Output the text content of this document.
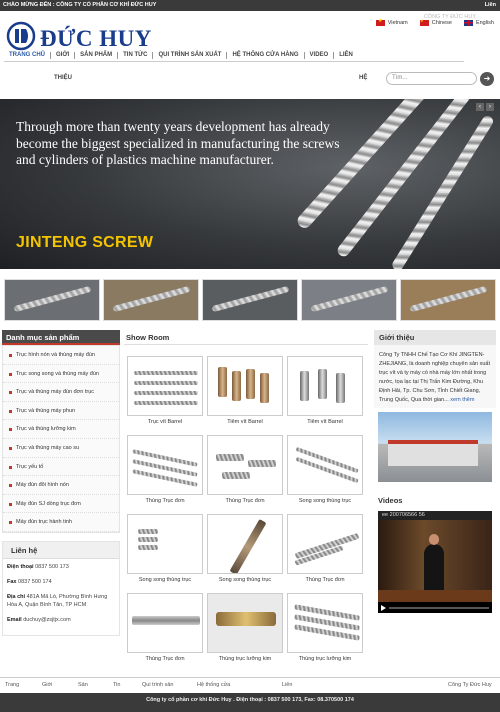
CHÀO MỪNG ĐẾN : CÔNG TY CỔ PHẦN CƠ KHÍ ĐỨC HUY	Liên
ĐỨC HUY
CÔNG TY ĐỨC HUY
★
Vietnam
★	Chinese	English
TRANG CHỦ	GIỚI	SẢN PHẨM	TIN TỨC	QUI TRÌNH SẢN XUẤT	HỆ THỐNG CỬA HÀNG	VIDEO	LIÊN
THIỆU	HỆ	Tìm...	➜
Through more than twenty years development has already become the biggest specialized in manufacturing the screws and cylinders of plastics machine manufacturer.
JINTENG SCREW
‹	›
Danh mục sản phẩm
Trục hình nón và thùng máy đùn
Trục song song và thùng máy đùn
Trục và thùng máy đùn đơn trục
Trục và thùng máy phun
Trục và thùng lưỡng kim
Trục và thùng máy cao su
Trục yếu tố
Máy đùn đôi hình nón
Máy đùn SJ dòng trục đơn
Máy đùn trục hành tinh
Liên hệ
Điện thoại 0837 500 173
Fax 0837 500 174
Địa chỉ 481A Mã Lò, Phường Bình Hưng Hòa A, Quận Bình Tân, TP HCM
Email duchuy@zsjtjx.com
Show Room
Trục vít Barrel	Tiêm vít Barrel	Tiêm vít Barrel
Thùng Trục đơn	Thùng Trục đơn	Song song thùng trục
Song song thùng trục	Song song thùng trục	Thùng Trục đơn
Thùng Trục đơn	Thùng trục lưỡng kim	Thùng trục lưỡng kim
Giới thiệu
Công Ty TNHH Chế Tạo Cơ Khí JINGTEN-ZHEJIANG, là doanh nghiệp chuyên sản xuất trục vít và ty máy có nhà máy lớn nhất trong nước, tọa lạc tại Thị Trấn Kim Đường, Khu Định Hải, Tp. Chu Sơn, Tỉnh Chiết Giang, Trung Quốc, Qua thời gian... xem thêm
Videos
ee 200706566 56
Trang	Giới	Sản	Tin	Qui trình sản	Hệ thống cửa	Liên	Công Ty Đức Huy
Công ty cổ phần cơ khí Đức Huy . Điện thoại : 0837 500 173, Fax: 08.370500 174
